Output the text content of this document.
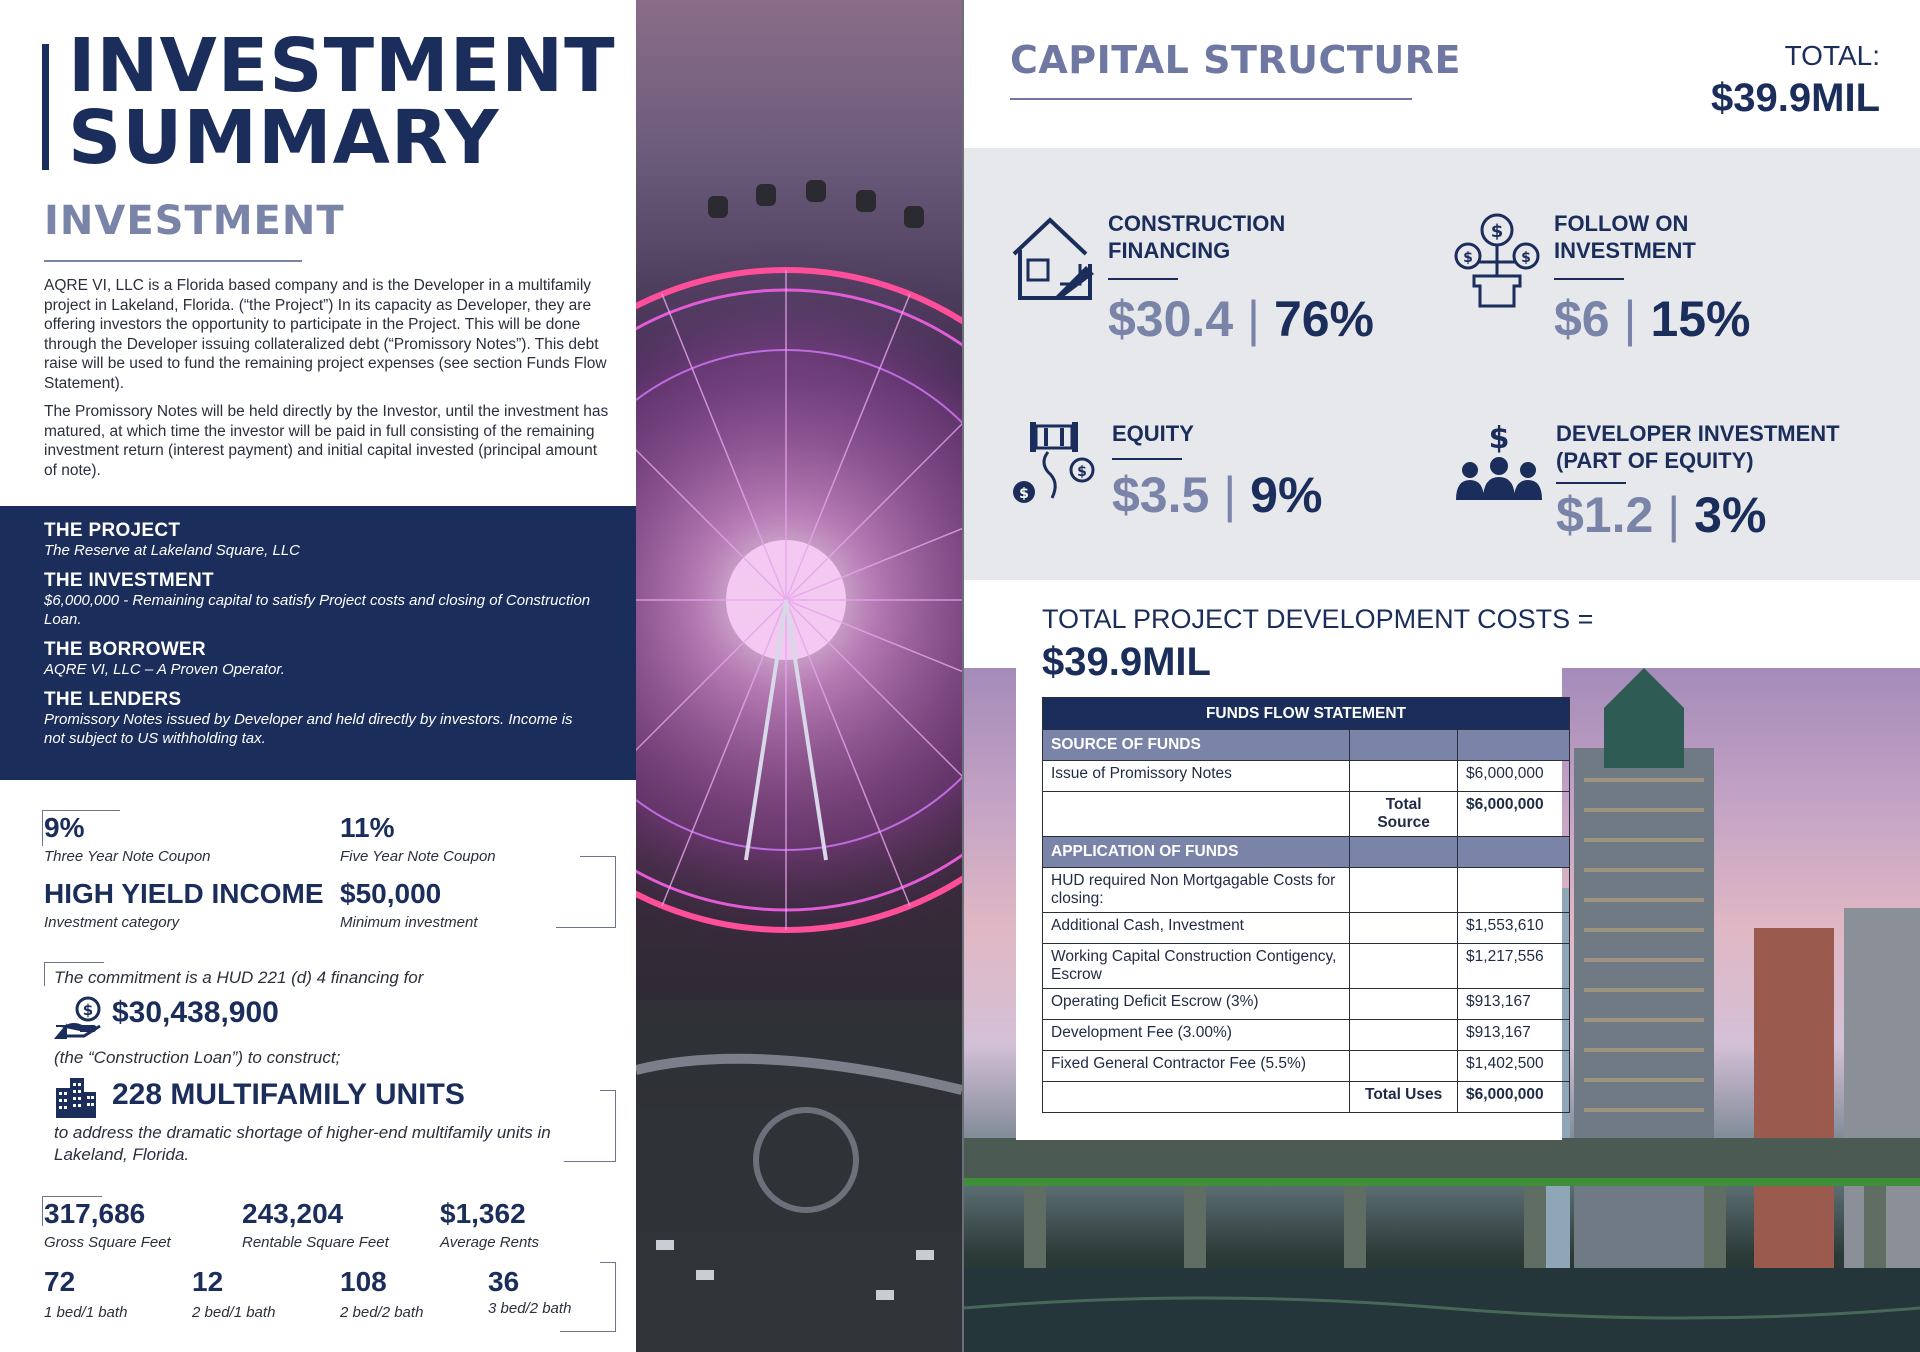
INVESTMENT
SUMMARY
INVESTMENT

AQRE VI, LLC is a Florida based company and is the Developer in a multifamily project in Lakeland, Florida. (“the Project”) In its capacity as Developer, they are offering investors the opportunity to participate in the Project. This will be done through the Developer issuing collateralized debt (“Promissory Notes”). This debt raise will be used to fund the remaining project expenses (see section Funds Flow Statement).

The Promissory Notes will be held directly by the Investor, until the investment has matured, at which time the investor will be paid in full consisting of the remaining investment return (interest payment) and initial capital invested (principal amount of note).

THE PROJECT
The Reserve at Lakeland Square, LLC
THE INVESTMENT
$6,000,000 - Remaining capital to satisfy Project costs and closing of Construction Loan.
THE BORROWER
AQRE VI, LLC – A Proven Operator.
THE LENDERS
Promissory Notes issued by Developer and held directly by investors. Income is not subject to US withholding tax.
9%
Three Year Note Coupon
11%
Five Year Note Coupon
HIGH YIELD INCOME
Investment category
$50,000
Minimum investment
The commitment is a HUD 221 (d) 4 financing for
$ $30,438,900
(the “Construction Loan”) to construct;
228 MULTIFAMILY UNITS
to address the dramatic shortage of higher-end multifamily units in Lakeland, Florida.
317,686
Gross Square Feet
243,204
Rentable Square Feet
$1,362
Average Rents
72
1 bed/1 bath
12
2 bed/1 bath
108
2 bed/2 bath
36
3 bed/2 bath
CAPITAL STRUCTURE	TOTAL:
$39.9MIL
CONSTRUCTION FINANCING
$30.4 | 76%
$
$	$
FOLLOW ON INVESTMENT
$6 | 15%
$
$
EQUITY
$3.5 | 9%
$ DEVELOPER INVESTMENT (PART OF EQUITY)
$1.2 | 3%
TOTAL PROJECT DEVELOPMENT COSTS =
$39.9MIL
FUNDS FLOW STATEMENT		
SOURCE OF FUNDS		
Issue of Promissory Notes		$6,000,000
	Total Source	$6,000,000
APPLICATION OF FUNDS		
HUD required Non Mortgagable Costs for closing:		
Additional Cash, Investment		$1,553,610
Working Capital Construction Contigency, Escrow		$1,217,556
Operating Deficit Escrow (3%)		$913,167
Development Fee (3.00%)		$913,167
Fixed General Contractor Fee (5.5%)		$1,402,500
	Total Uses	$6,000,000
